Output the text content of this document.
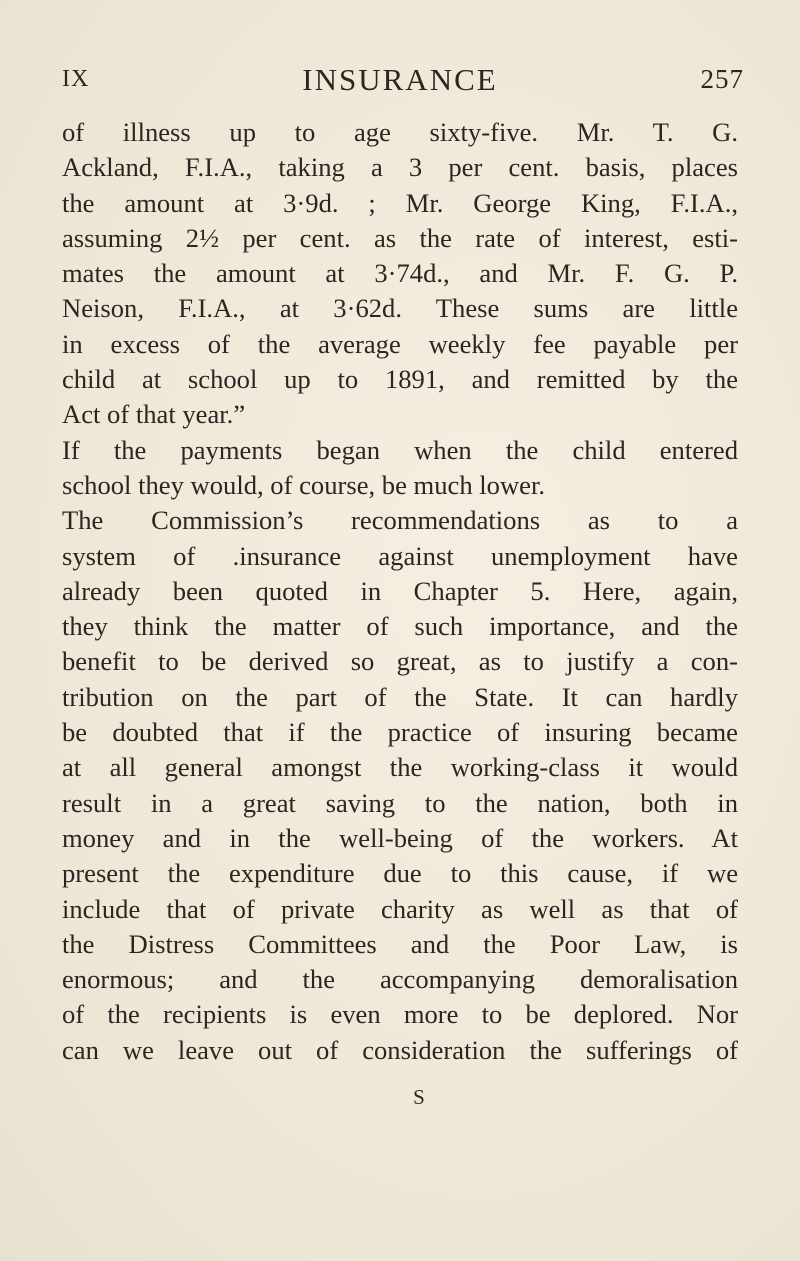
IX	INSURANCE	257
of illness up to age sixty-five. Mr. T. G.
Ackland, F.I.A., taking a 3 per cent. basis, places
the amount at 3·9d. ; Mr. George King, F.I.A.,
assuming 2½ per cent. as the rate of interest, esti-
mates the amount at 3·74d., and Mr. F. G. P.
Neison, F.I.A., at 3·62d. These sums are little
in excess of the average weekly fee payable per
child at school up to 1891, and remitted by the
Act of that year.”
If the payments began when the child entered
school they would, of course, be much lower.
The Commission’s recommendations as to a
system of .insurance against unemployment have
already been quoted in Chapter 5. Here, again,
they think the matter of such importance, and the
benefit to be derived so great, as to justify a con-
tribution on the part of the State. It can hardly
be doubted that if the practice of insuring became
at all general amongst the working-class it would
result in a great saving to the nation, both in
money and in the well-being of the workers. At
present the expenditure due to this cause, if we
include that of private charity as well as that of
the Distress Committees and the Poor Law, is
enormous; and the accompanying demoralisation
of the recipients is even more to be deplored. Nor
can we leave out of consideration the sufferings of
S
